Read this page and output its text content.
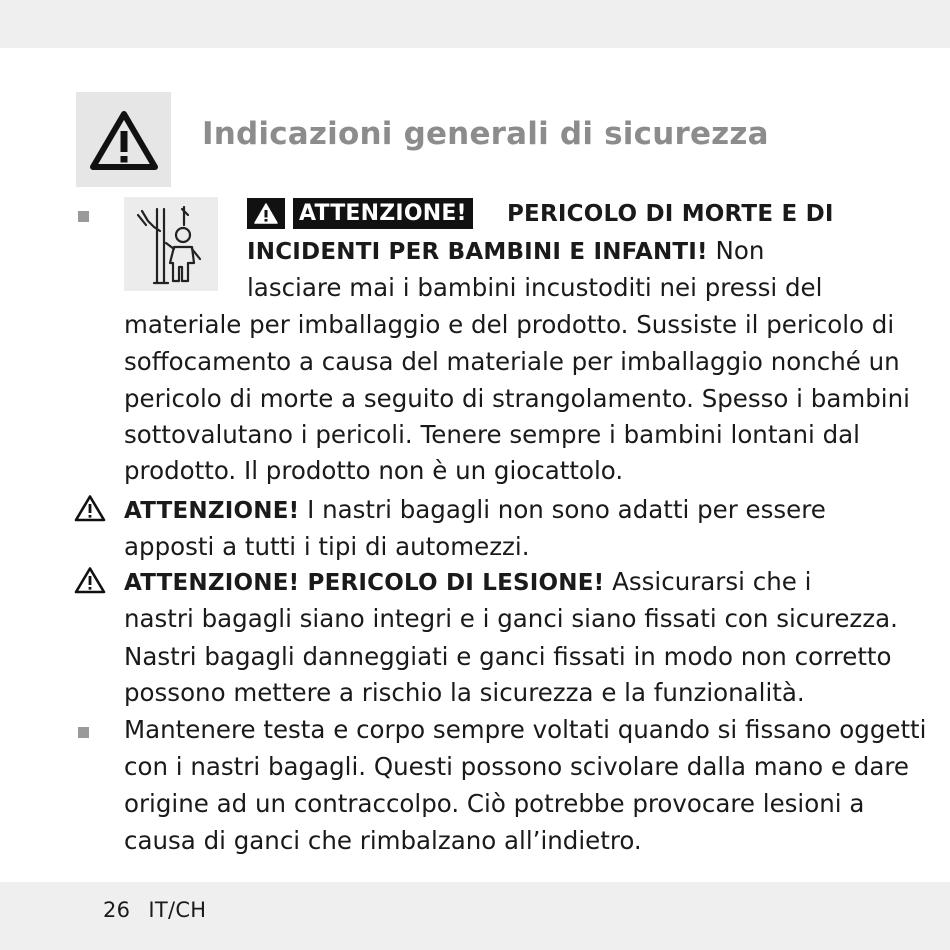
Indicazioni generali di sicurezza
ATTENZIONE! PERICOLO DI MORTE E DI
INCIDENTI PER BAMBINI E INFANTI! Non
lasciare mai i bambini incustoditi nei pressi del
materiale per imballaggio e del prodotto. Sussiste il pericolo di
soffocamento a causa del materiale per imballaggio nonché un
pericolo di morte a seguito di strangolamento. Spesso i bambini
sottovalutano i pericoli. Tenere sempre i bambini lontani dal
prodotto. Il prodotto non è un giocattolo.
ATTENZIONE! I nastri bagagli non sono adatti per essere
apposti a tutti i tipi di automezzi.
ATTENZIONE! PERICOLO DI LESIONE! Assicurarsi che i
nastri bagagli siano integri e i ganci siano fissati con sicurezza.
Nastri bagagli danneggiati e ganci fissati in modo non corretto
possono mettere a rischio la sicurezza e la funzionalità.
Mantenere testa e corpo sempre voltati quando si fissano oggetti
con i nastri bagagli. Questi possono scivolare dalla mano e dare
origine ad un contraccolpo. Ciò potrebbe provocare lesioni a
causa di ganci che rimbalzano all’indietro.
26 IT/CH
